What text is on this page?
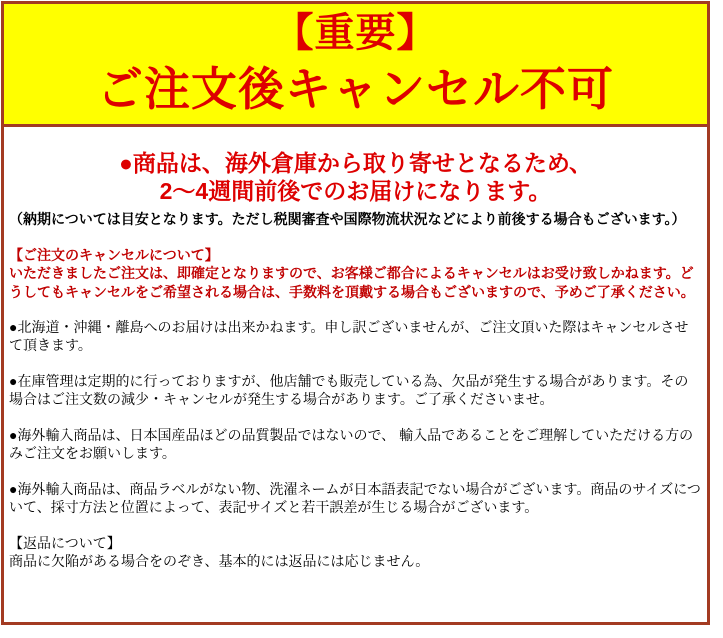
【重要】
ご注文後キャンセル不可
●商品は、海外倉庫から取り寄せとなるため、
2～4週間前後でのお届けになります。

（納期については目安となります。ただし税関審査や国際物流状況などにより前後する場合もございます。）

【ご注文のキャンセルについて】
いただきましたご注文は、即確定となりますので、お客様ご都合によるキャンセルはお受け致しかねます。どうしてもキャンセルをご希望される場合は、手数料を頂戴する場合もございますので、予めご了承ください。

●北海道・沖縄・離島へのお届けは出来かねます。申し訳ございませんが、ご注文頂いた際はキャンセルさせて頂きます。

●在庫管理は定期的に行っておりますが、他店舗でも販売している為、欠品が発生する場合があります。その場合はご注文数の減少・キャンセルが発生する場合があります。ご了承くださいませ。

●海外輸入商品は、日本国産品ほどの品質製品ではないので、 輸入品であることをご理解していただける方のみご注文をお願いします。

●海外輸入商品は、商品ラベルがない物、洗濯ネームが日本語表記でない場合がございます。商品のサイズについて、採寸方法と位置によって、表記サイズと若干誤差が生じる場合がございます。

【返品について】
商品に欠陥がある場合をのぞき、基本的には返品には応じません。
